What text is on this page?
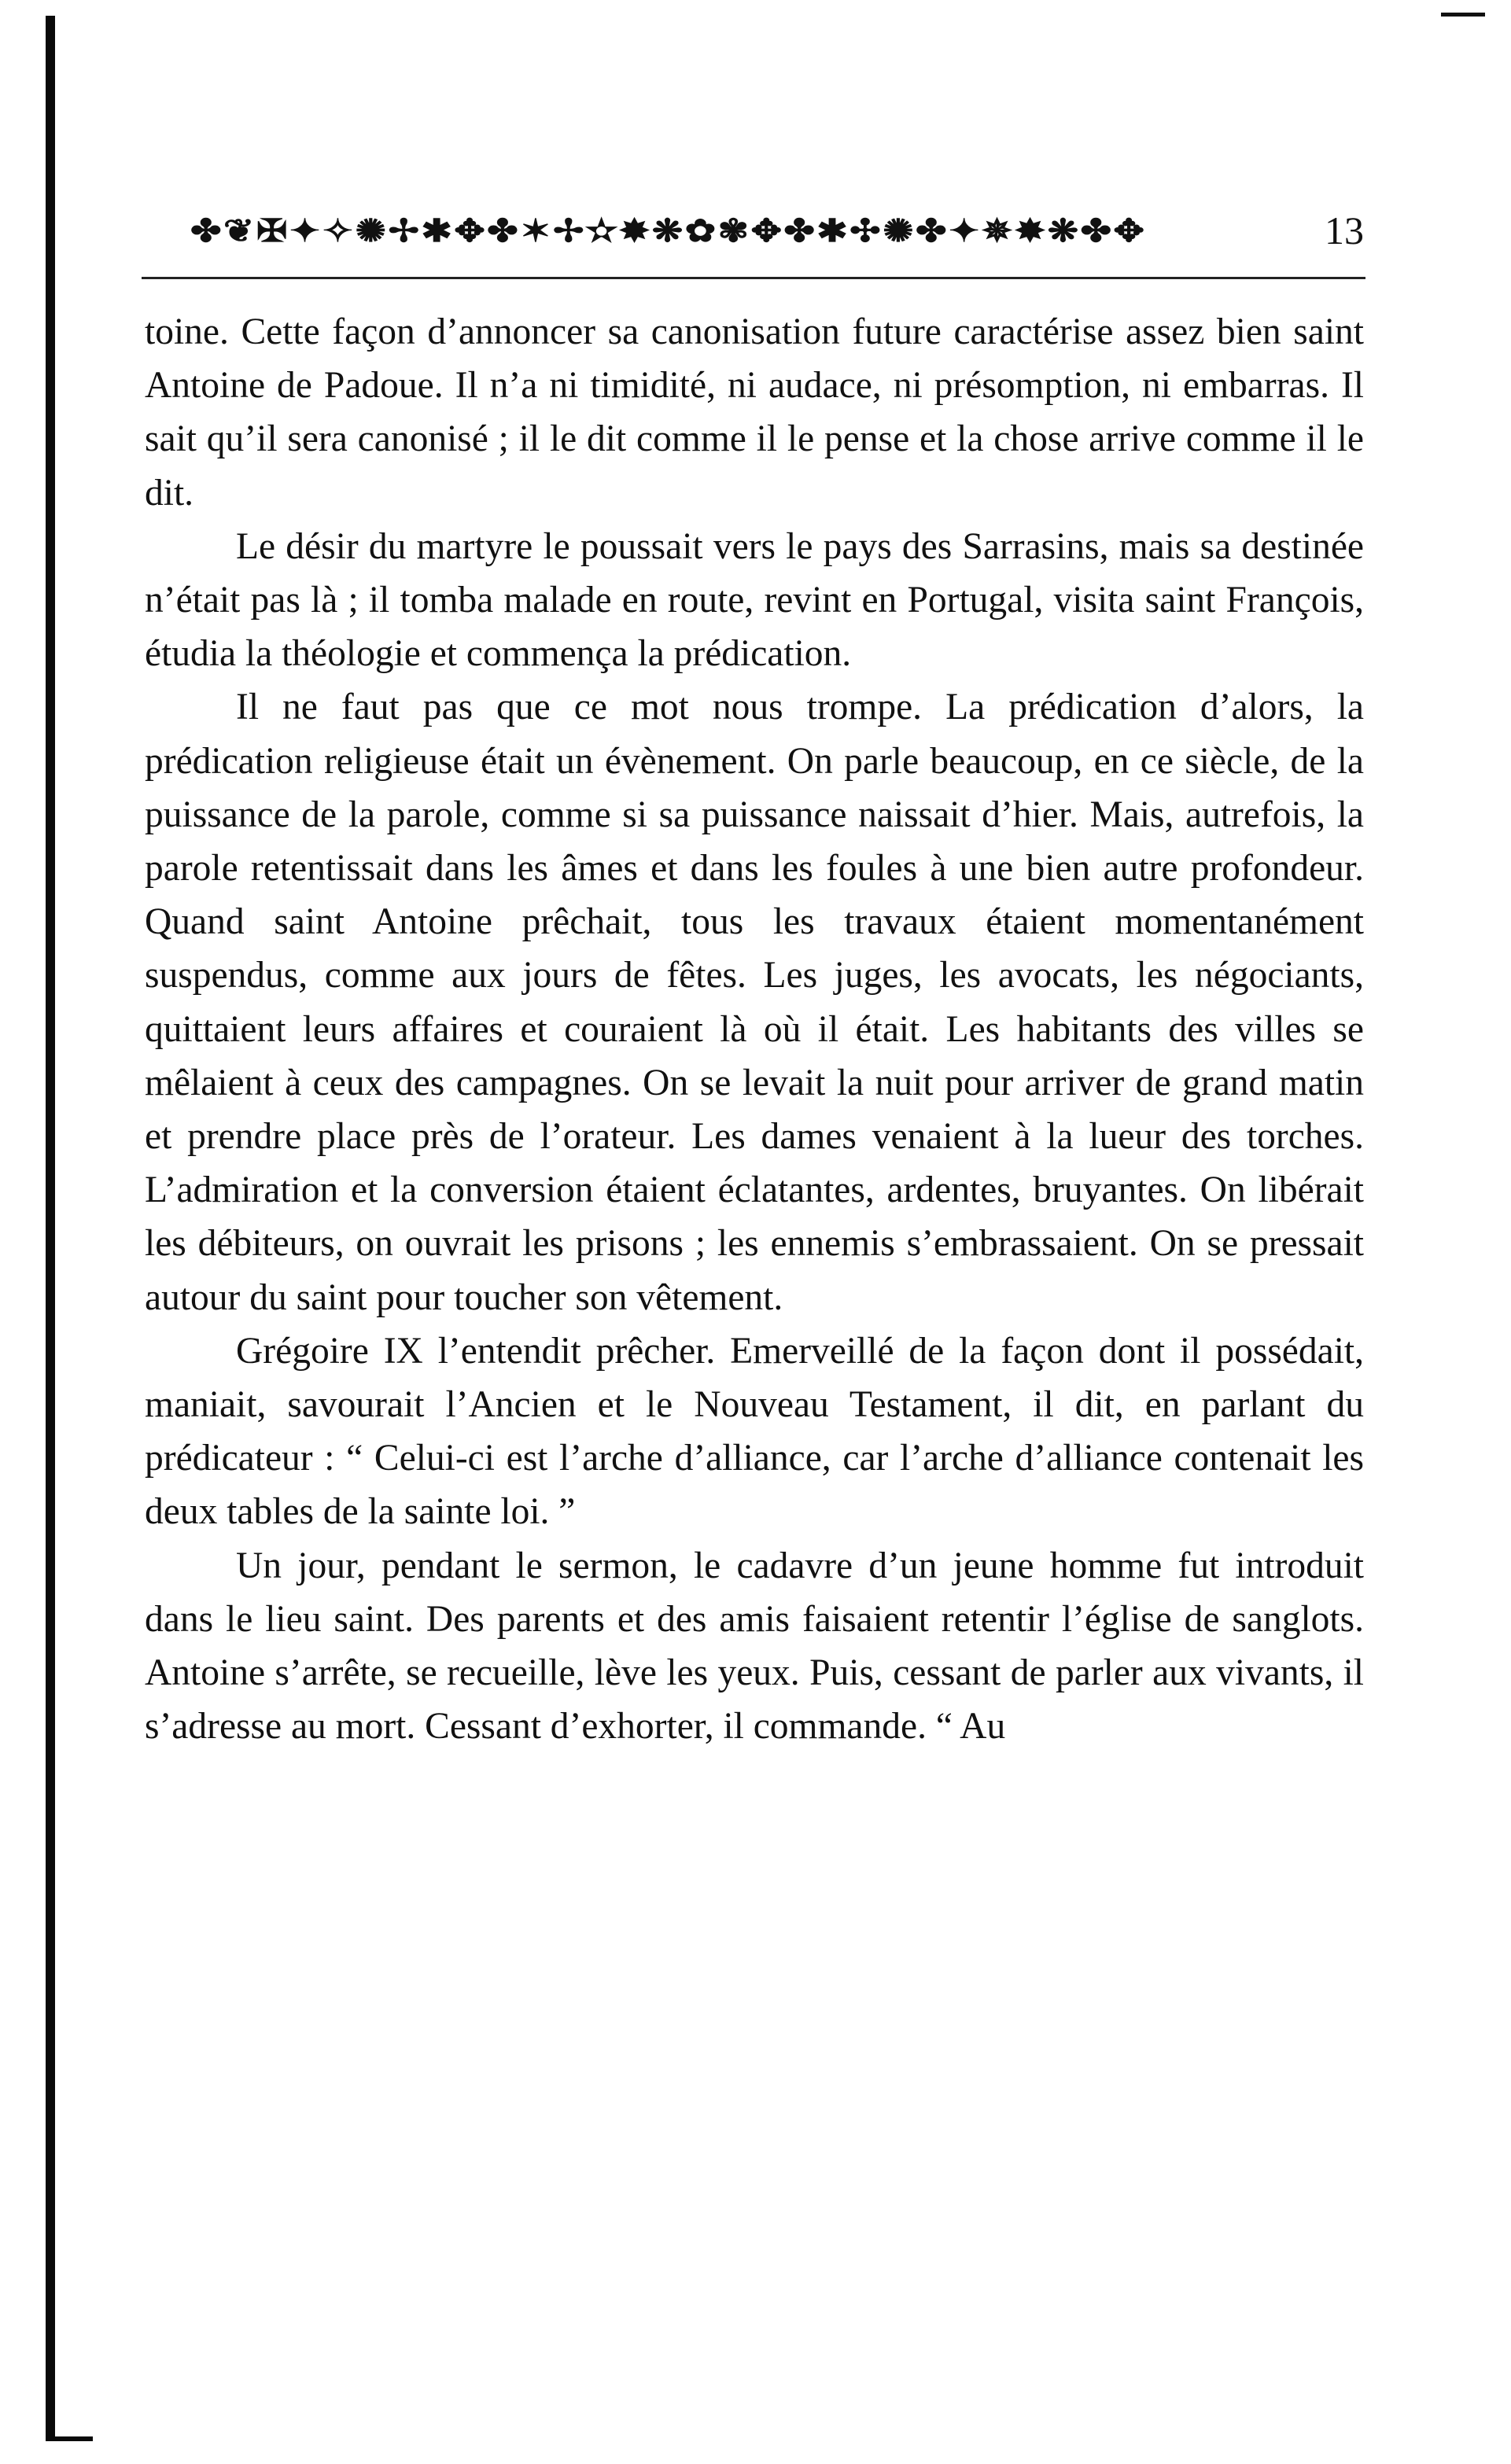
✤❦✠✦✧✺✢✱✥✤✶✢✫✸❋✿✾✥✤✱✣✺✤✦✵✸❋✤✥	13

toine. Cette façon d’annoncer sa canonisation future caractérise assez bien saint Antoine de Padoue. Il n’a ni timidité, ni audace, ni présomption, ni embarras. Il sait qu’il sera canonisé ; il le dit comme il le pense et la chose arrive comme il le dit.

Le désir du martyre le poussait vers le pays des Sarrasins, mais sa destinée n’était pas là ; il tomba malade en route, revint en Portugal, visita saint François, étudia la théologie et commença la prédication.

Il ne faut pas que ce mot nous trompe. La prédication d’alors, la prédication religieuse était un évènement. On parle beaucoup, en ce siècle, de la puissance de la parole, comme si sa puissance naissait d’hier. Mais, autrefois, la parole retentissait dans les âmes et dans les foules à une bien autre profondeur. Quand saint Antoine prêchait, tous les travaux étaient momentanément suspendus, comme aux jours de fêtes. Les juges, les avocats, les négociants, quittaient leurs affaires et couraient là où il était. Les habitants des villes se mêlaient à ceux des campagnes. On se levait la nuit pour arriver de grand matin et prendre place près de l’orateur. Les dames venaient à la lueur des torches. L’admiration et la conversion étaient éclatantes, ardentes, bruyantes. On libérait les débiteurs, on ouvrait les prisons ; les ennemis s’embrassaient. On se pressait autour du saint pour toucher son vêtement.

Grégoire IX l’entendit prêcher. Emerveillé de la façon dont il possédait, maniait, savourait l’Ancien et le Nouveau Testament, il dit, en parlant du prédicateur : “ Celui-ci est l’arche d’alliance, car l’arche d’alliance contenait les deux tables de la sainte loi. ”

Un jour, pendant le sermon, le cadavre d’un jeune homme fut introduit dans le lieu saint. Des parents et des amis faisaient retentir l’église de sanglots. Antoine s’arrête, se recueille, lève les yeux. Puis, cessant de parler aux vivants, il s’adresse au mort. Cessant d’exhorter, il commande. “ Au
